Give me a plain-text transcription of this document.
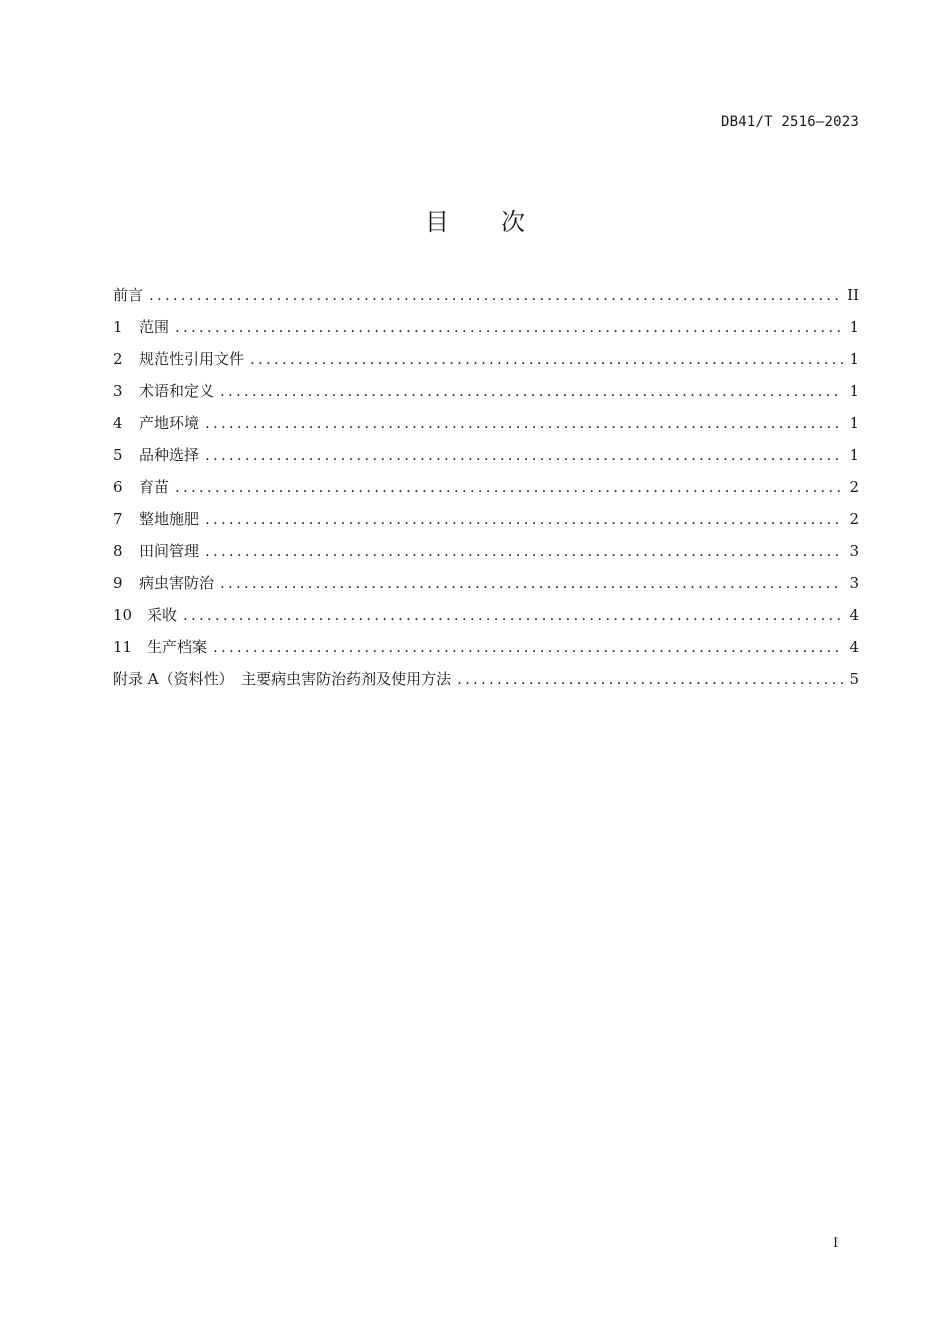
DB41/T 2516—2023
目 次
前言 .....	II
1	范围 .....	1
2	规范性引用文件 .....	1
3	术语和定义 .....	1
4	产地环境 .....	1
5	品种选择 .....	1
6	育苗 .....	2
7	整地施肥 .....	2
8	田间管理 .....	3
9	病虫害防治 .....	3
10 采收 .....	4
11 生产档案 .....	4
附录 A（资料性）　主要病虫害防治药剂及使用方法 .....	5
I
